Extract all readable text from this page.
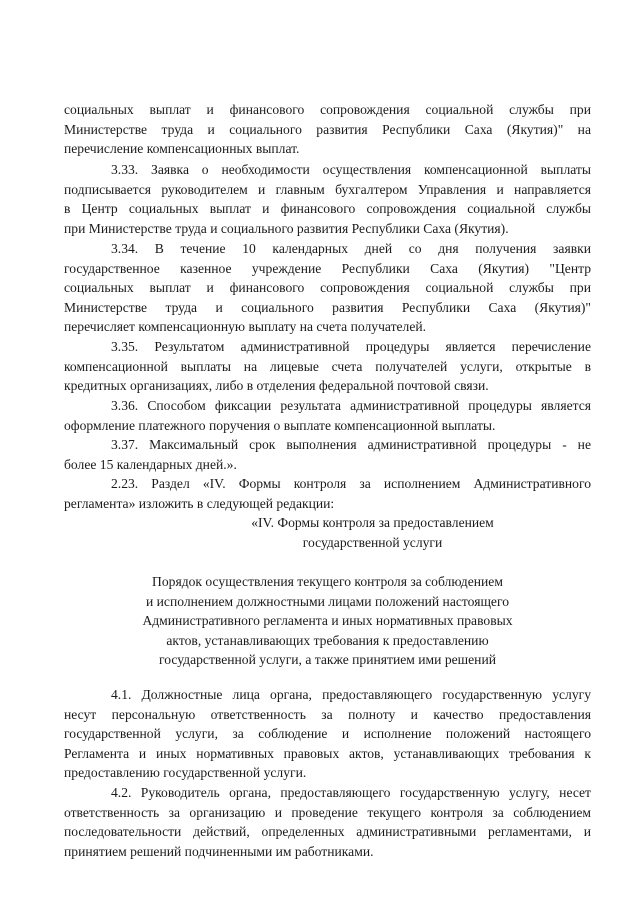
социальных выплат и финансового сопровождения социальной службы при
Министерстве труда и социального развития Республики Саха (Якутия)" на
перечисление компенсационных выплат.
3.33. Заявка о необходимости осуществления компенсационной выплаты
подписывается руководителем и главным бухгалтером Управления и направляется
в Центр социальных выплат и финансового сопровождения социальной службы
при Министерстве труда и социального развития Республики Саха (Якутия).
3.34. В течение 10 календарных дней со дня получения заявки
государственное казенное учреждение Республики Саха (Якутия) "Центр
социальных выплат и финансового сопровождения социальной службы при
Министерстве труда и социального развития Республики Саха (Якутия)"
перечисляет компенсационную выплату на счета получателей.
3.35. Результатом административной процедуры является перечисление
компенсационной выплаты на лицевые счета получателей услуги, открытые в
кредитных организациях, либо в отделения федеральной почтовой связи.
3.36. Способом фиксации результата административной процедуры является
оформление платежного поручения о выплате компенсационной выплаты.
3.37. Максимальный срок выполнения административной процедуры - не
более 15 календарных дней.».
2.23. Раздел «IV. Формы контроля за исполнением Административного
регламента» изложить в следующей редакции:
«IV. Формы контроля за предоставлением
государственной услуги
Порядок осуществления текущего контроля за соблюдением
и исполнением должностными лицами положений настоящего
Административного регламента и иных нормативных правовых
актов, устанавливающих требования к предоставлению
государственной услуги, а также принятием ими решений
4.1. Должностные лица органа, предоставляющего государственную услугу
несут персональную ответственность за полноту и качество предоставления
государственной услуги, за соблюдение и исполнение положений настоящего
Регламента и иных нормативных правовых актов, устанавливающих требования к
предоставлению государственной услуги.
4.2. Руководитель органа, предоставляющего государственную услугу, несет
ответственность за организацию и проведение текущего контроля за соблюдением
последовательности действий, определенных административными регламентами, и
принятием решений подчиненными им работниками.
